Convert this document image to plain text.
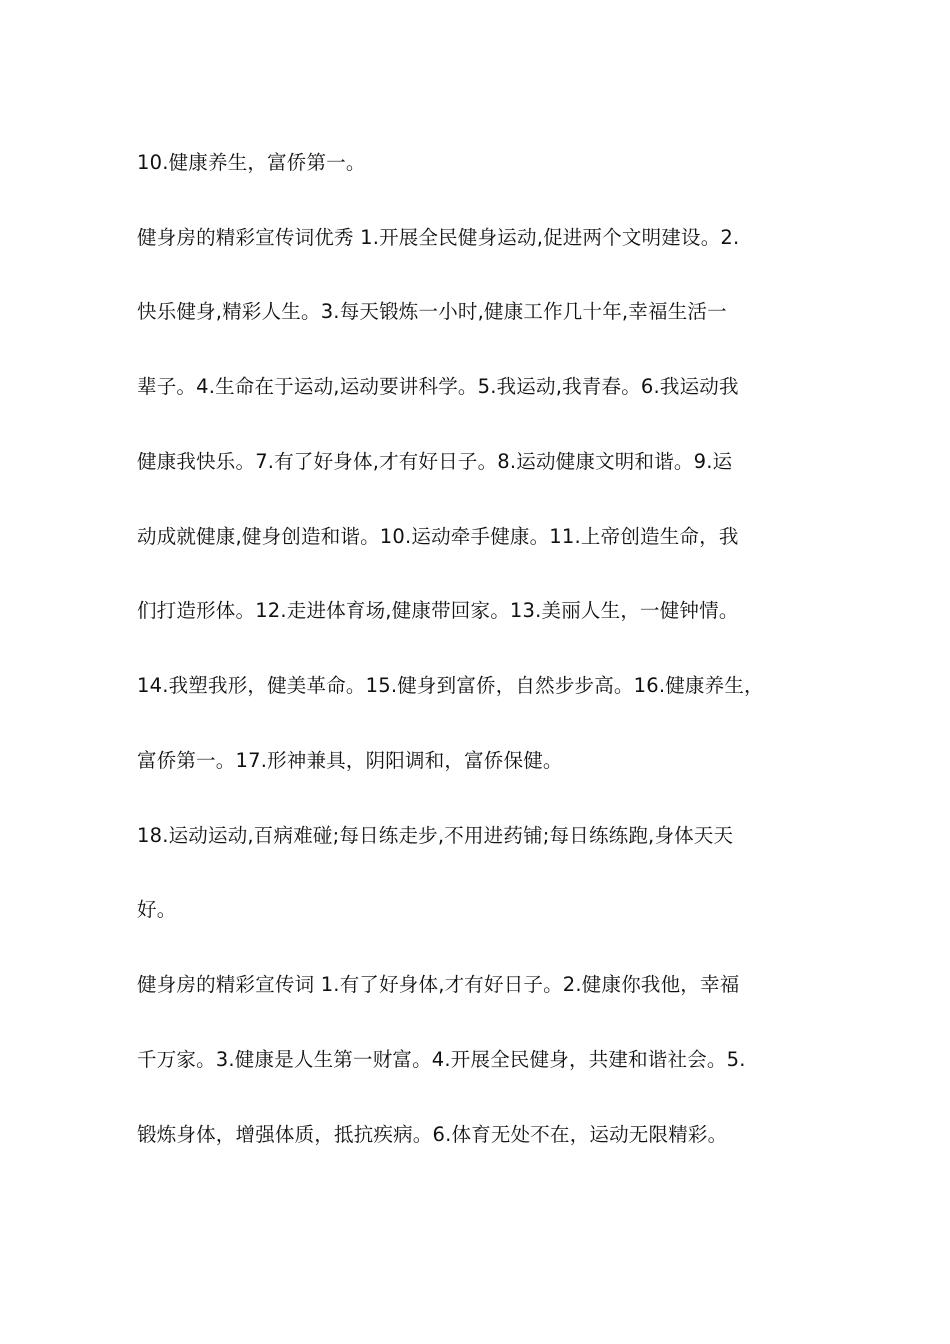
10.健康养生，富侨第一。
健身房的精彩宣传词优秀 1.开展全民健身运动,促进两个文明建设。2.
快乐健身,精彩人生。3.每天锻炼一小时,健康工作几十年,幸福生活一
辈子。4.生命在于运动,运动要讲科学。5.我运动,我青春。6.我运动我
健康我快乐。7.有了好身体,才有好日子。8.运动健康文明和谐。9.运
动成就健康,健身创造和谐。10.运动牵手健康。11.上帝创造生命，我
们打造形体。12.走进体育场,健康带回家。13.美丽人生，一健钟情。
14.我塑我形，健美革命。15.健身到富侨，自然步步高。16.健康养生，
富侨第一。17.形神兼具，阴阳调和，富侨保健。
18.运动运动,百病难碰;每日练走步,不用进药铺;每日练练跑,身体天天
好。
健身房的精彩宣传词 1.有了好身体,才有好日子。2.健康你我他，幸福
千万家。3.健康是人生第一财富。4.开展全民健身，共建和谐社会。5.
锻炼身体，增强体质，抵抗疾病。6.体育无处不在，运动无限精彩。
